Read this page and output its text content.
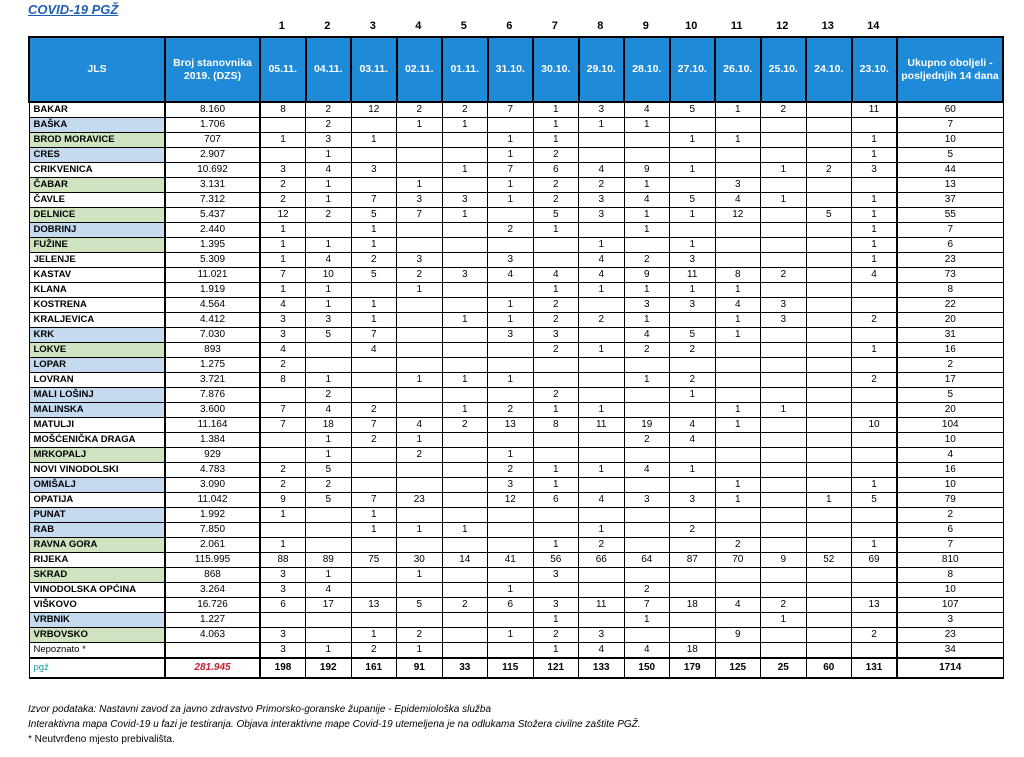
COVID-19 PGŽ
1	2	3	4	5	6	7	8	9	10	11	12	13	14
JLS	Broj stanovnika 2019. (DZS)	05.11.	04.11.	03.11.	02.11.	01.11.	31.10.	30.10.	29.10.	28.10.	27.10.	26.10.	25.10.	24.10.	23.10.	Ukupno oboljeli - posljednjih 14 dana
BAKAR	8.160	8	2	12	2	2	7	1	3	4	5	1	2		11	60
BAŠKA	1.706		2		1	1		1	1	1						7
BROD MORAVICE	707	1	3	1			1	1			1	1			1	10
CRES	2.907		1				1	2							1	5
CRIKVENICA	10.692	3	4	3		1	7	6	4	9	1		1	2	3	44
ČABAR	3.131	2	1		1		1	2	2	1		3				13
ČAVLE	7.312	2	1	7	3	3	1	2	3	4	5	4	1		1	37
DELNICE	5.437	12	2	5	7	1		5	3	1	1	12		5	1	55
DOBRINJ	2.440	1		1			2	1		1					1	7
FUŽINE	1.395	1	1	1					1		1				1	6
JELENJE	5.309	1	4	2	3		3		4	2	3				1	23
KASTAV	11.021	7	10	5	2	3	4	4	4	9	11	8	2		4	73
KLANA	1.919	1	1		1			1	1	1	1	1				8
KOSTRENA	4.564	4	1	1			1	2		3	3	4	3			22
KRALJEVICA	4.412	3	3	1		1	1	2	2	1		1	3		2	20
KRK	7.030	3	5	7			3	3		4	5	1				31
LOKVE	893	4		4				2	1	2	2				1	16
LOPAR	1.275	2														2
LOVRAN	3.721	8	1		1	1	1			1	2				2	17
MALI LOŠINJ	7.876		2					2			1					5
MALINSKA	3.600	7	4	2		1	2	1	1			1	1			20
MATULJI	11.164	7	18	7	4	2	13	8	11	19	4	1			10	104
MOŠĆENIČKA DRAGA	1.384		1	2	1					2	4					10
MRKOPALJ	929		1		2		1									4
NOVI VINODOLSKI	4.783	2	5				2	1	1	4	1					16
OMIŠALJ	3.090	2	2				3	1				1			1	10
OPATIJA	11.042	9	5	7	23		12	6	4	3	3	1		1	5	79
PUNAT	1.992	1		1												2
RAB	7.850			1	1	1			1		2					6
RAVNA GORA	2.061	1						1	2			2			1	7
RIJEKA	115.995	88	89	75	30	14	41	56	66	64	87	70	9	52	69	810
SKRAD	868	3	1		1			3								8
VINODOLSKA OPĆINA	3.264	3	4				1			2						10
VIŠKOVO	16.726	6	17	13	5	2	6	3	11	7	18	4	2		13	107
VRBNIK	1.227							1		1			1			3
VRBOVSKO	4.063	3		1	2		1	2	3			9			2	23
Nepoznato *		3	1	2	1			1	4	4	18					34
pgž	281.945	198	192	161	91	33	115	121	133	150	179	125	25	60	131	1714
Izvor podataka: Nastavni zavod za javno zdravstvo Primorsko-goranske županije - Epidemiološka služba
Interaktivna mapa Covid-19 u fazi je testiranja. Objava interaktivne mape Covid-19 utemeljena je na odlukama Stožera civilne zaštite PGŽ.
* Neutvrđeno mjesto prebivališta.
